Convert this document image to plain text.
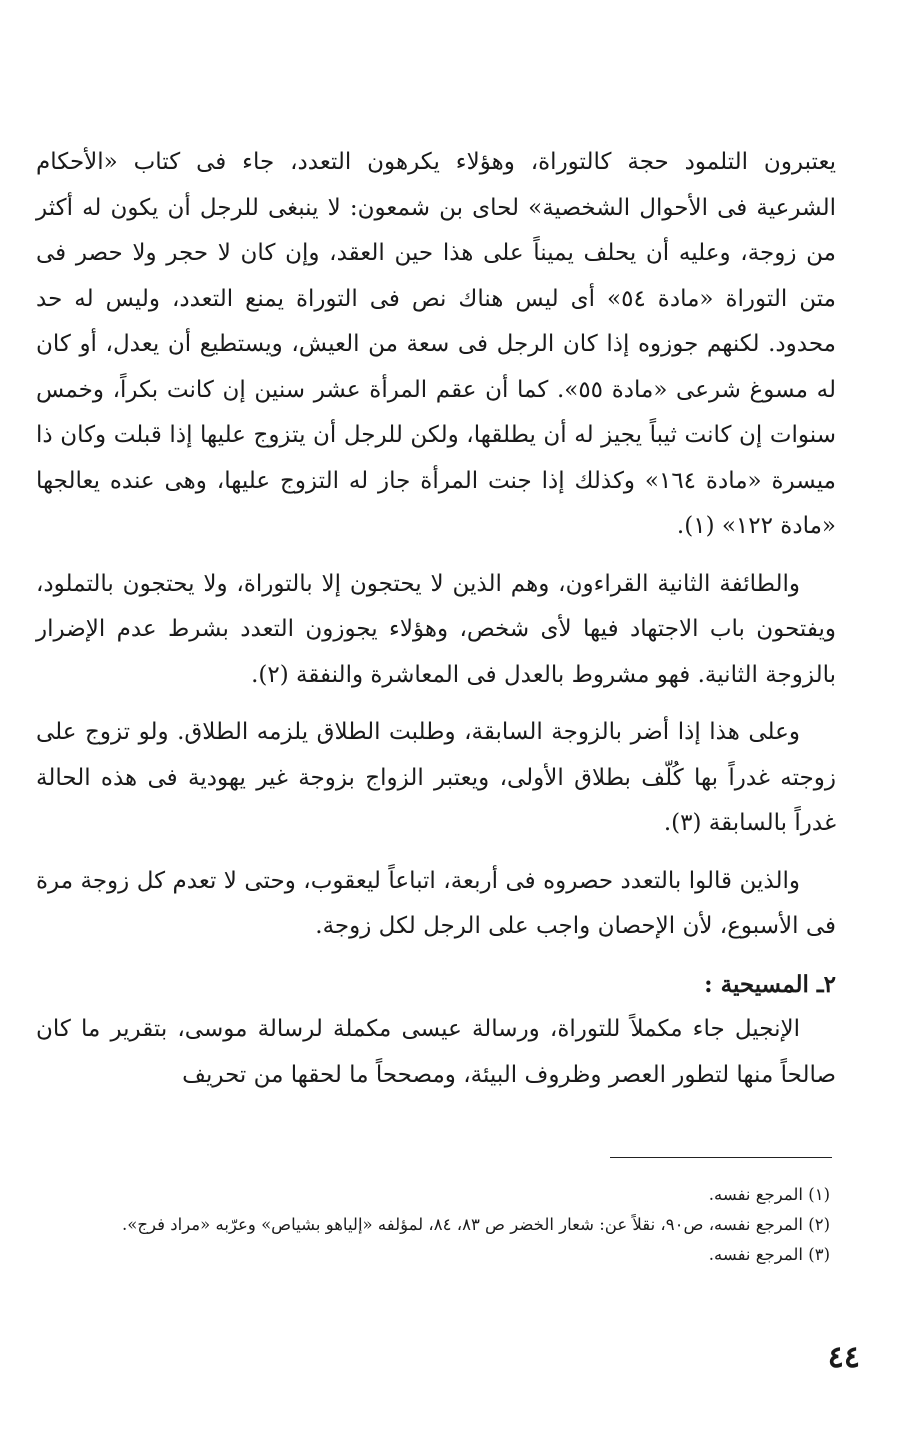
يعتبرون التلمود حجة كالتوراة، وهؤلاء يكرهون التعدد، جاء فى كتاب «الأحكام الشرعية فى الأحوال الشخصية» لحاى بن شمعون: لا ينبغى للرجل أن يكون له أكثر من زوجة، وعليه أن يحلف يميناً على هذا حين العقد، وإن كان لا حجر ولا حصر فى متن التوراة «مادة ٥٤» أى ليس هناك نص فى التوراة يمنع التعدد، وليس له حد محدود. لكنهم جوزوه إذا كان الرجل فى سعة من العيش، ويستطيع أن يعدل، أو كان له مسوغ شرعى «مادة ٥٥». كما أن عقم المرأة عشر سنين إن كانت بكراً، وخمس سنوات إن كانت ثيباً يجيز له أن يطلقها، ولكن للرجل أن يتزوج عليها إذا قبلت وكان ذا ميسرة «مادة ١٦٤» وكذلك إذا جنت المرأة جاز له التزوج عليها، وهى عنده يعالجها «مادة ١٢٢» (١).

والطائفة الثانية القراءون، وهم الذين لا يحتجون إلا بالتوراة، ولا يحتجون بالتملود، ويفتحون باب الاجتهاد فيها لأى شخص، وهؤلاء يجوزون التعدد بشرط عدم الإضرار بالزوجة الثانية. فهو مشروط بالعدل فى المعاشرة والنفقة (٢).

وعلى هذا إذا أضر بالزوجة السابقة، وطلبت الطلاق يلزمه الطلاق. ولو تزوج على زوجته غدراً بها كُلّف بطلاق الأولى، ويعتبر الزواج بزوجة غير يهودية فى هذه الحالة غدراً بالسابقة (٣).

والذين قالوا بالتعدد حصروه فى أربعة، اتباعاً ليعقوب، وحتى لا تعدم كل زوجة مرة فى الأسبوع، لأن الإحصان واجب على الرجل لكل زوجة.

٢ـ المسيحية :

الإنجيل جاء مكملاً للتوراة، ورسالة عيسى مكملة لرسالة موسى، بتقرير ما كان صالحاً منها لتطور العصر وظروف البيئة، ومصححاً ما لحقها من تحريف

(١) المرجع نفسه.

(٢) المرجع نفسه، ص٩٠، نقلاً عن: شعار الخضر ص ٨٣، ٨٤، لمؤلفه «إلياهو بشياص» وعرّبه «مراد فرج».

(٣) المرجع نفسه.

٤٤
